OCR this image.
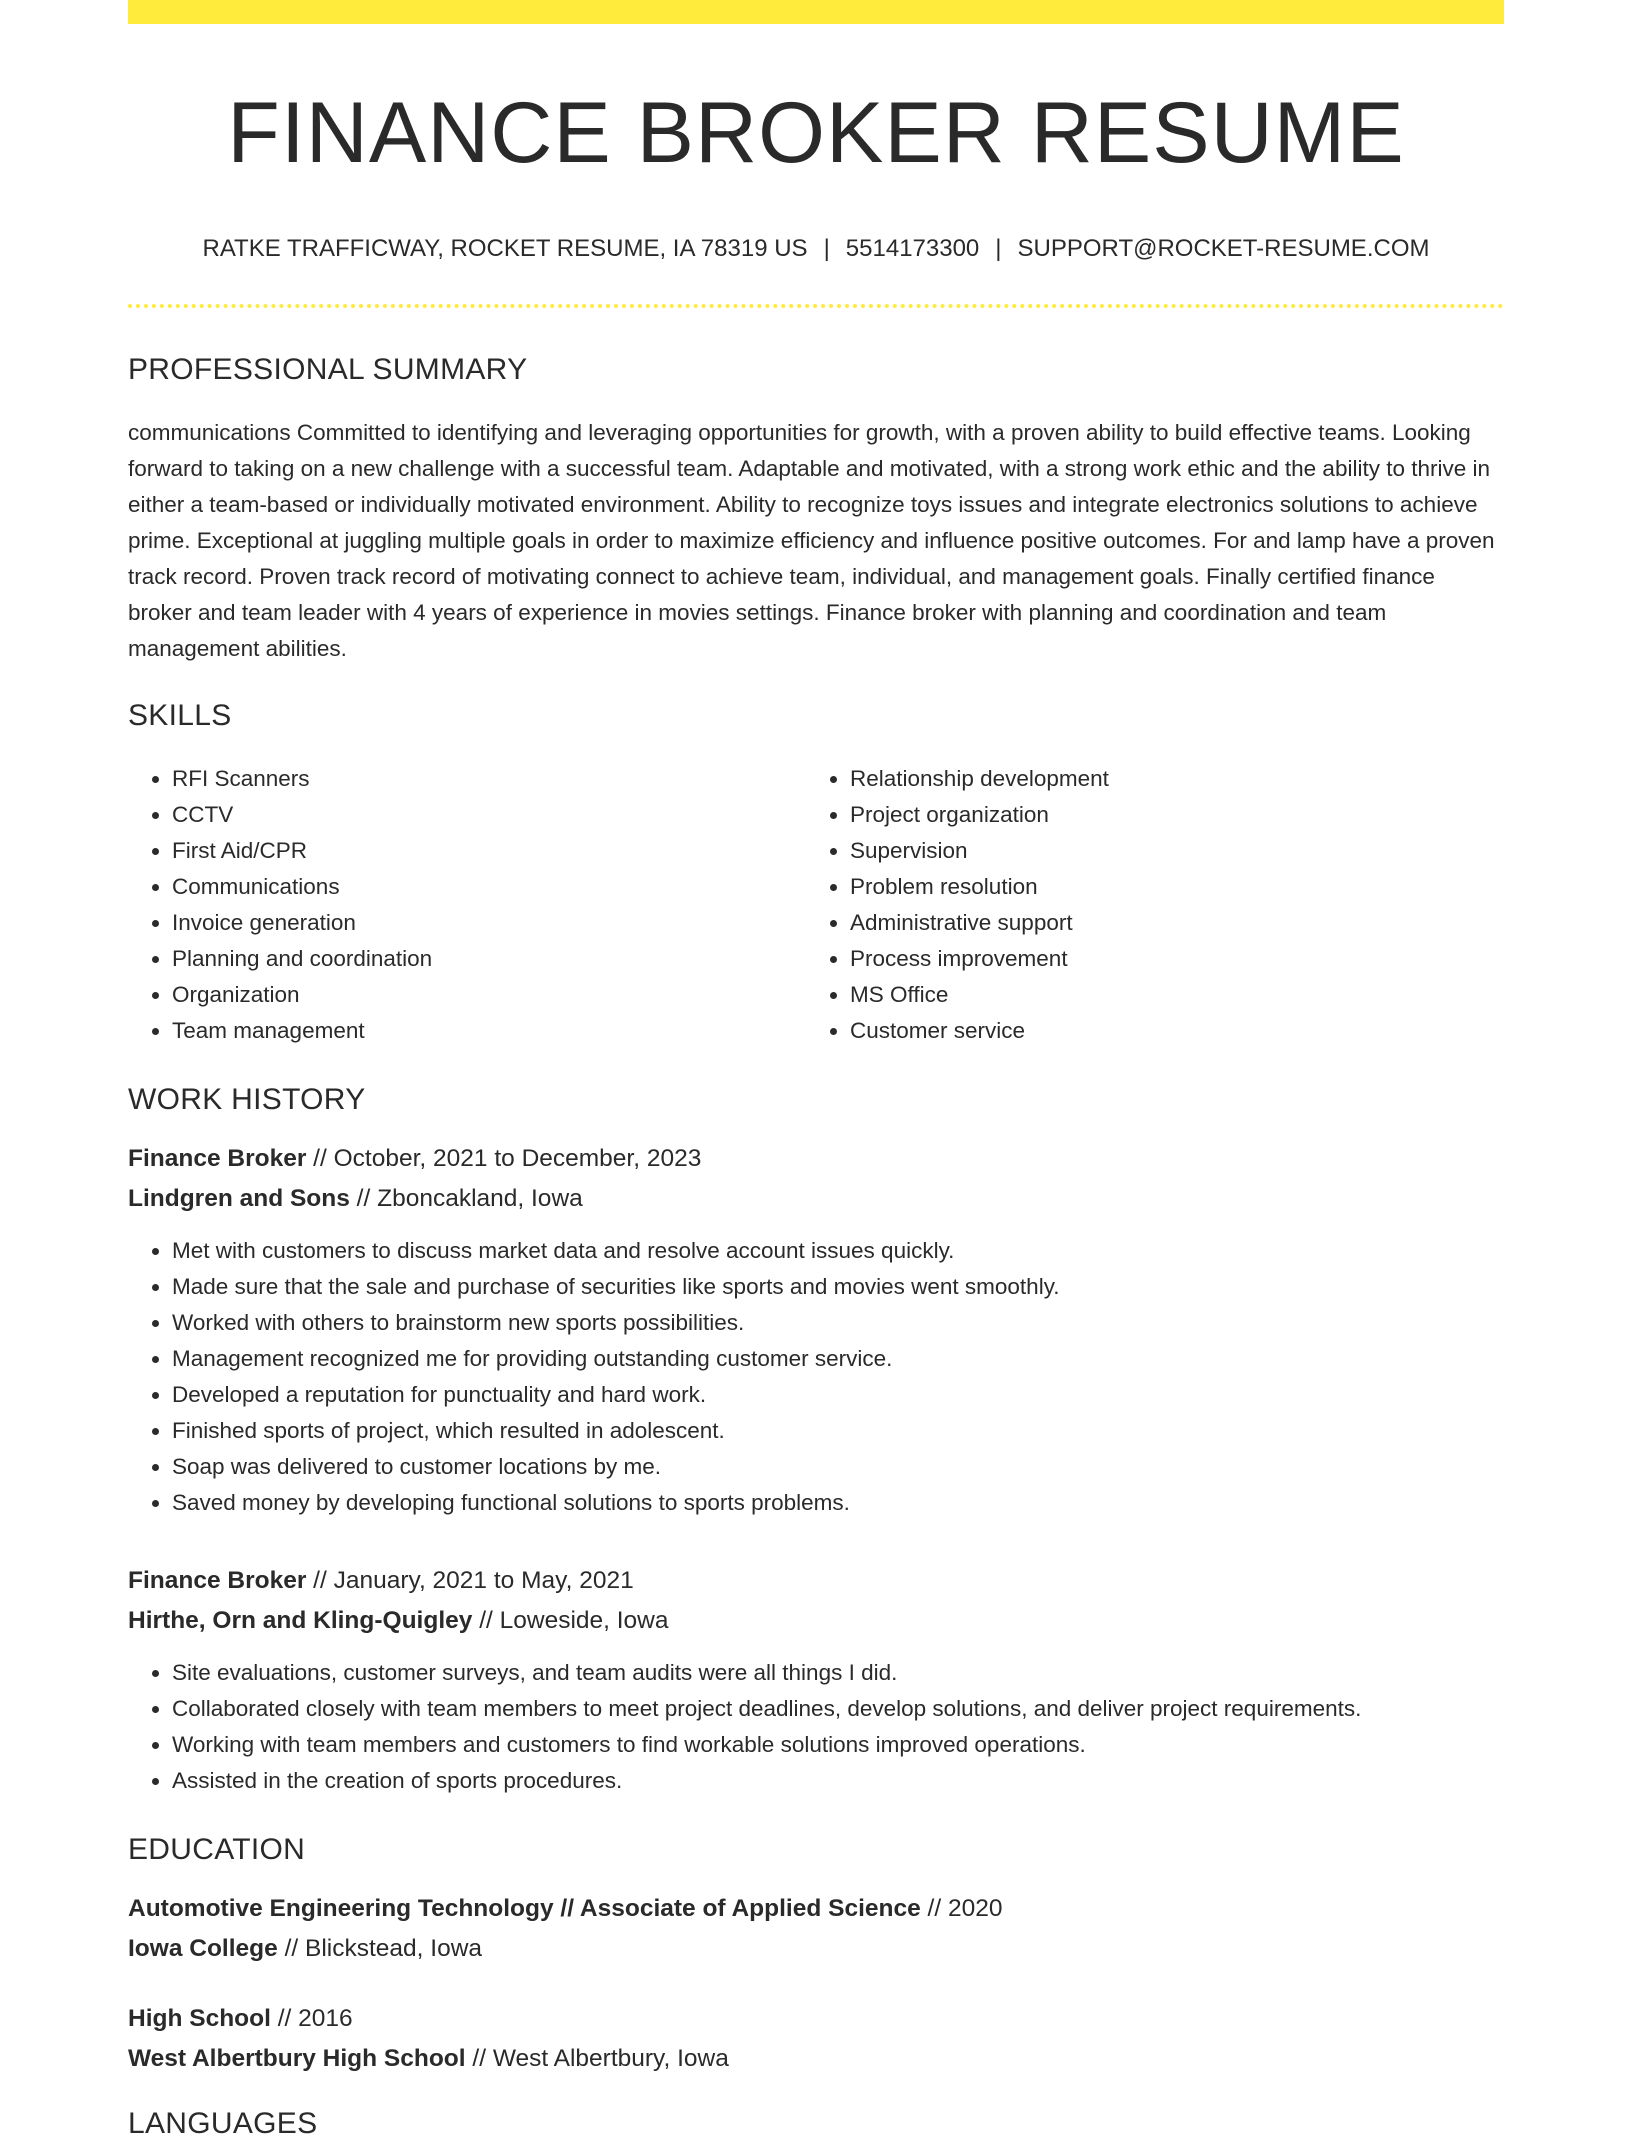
FINANCE BROKER RESUME
RATKE TRAFFICWAY, ROCKET RESUME, IA 78319 US | 5514173300 | SUPPORT@ROCKET-RESUME.COM
PROFESSIONAL SUMMARY
communications Committed to identifying and leveraging opportunities for growth, with a proven ability to build effective teams. Looking forward to taking on a new challenge with a successful team. Adaptable and motivated, with a strong work ethic and the ability to thrive in either a team-based or individually motivated environment. Ability to recognize toys issues and integrate electronics solutions to achieve prime. Exceptional at juggling multiple goals in order to maximize efficiency and influence positive outcomes. For and lamp have a proven track record. Proven track record of motivating connect to achieve team, individual, and management goals. Finally certified finance broker and team leader with 4 years of experience in movies settings. Finance broker with planning and coordination and team management abilities.
SKILLS
• RFI Scanners
• CCTV
• First Aid/CPR
• Communications
• Invoice generation
• Planning and coordination
• Organization
• Team management
• Relationship development
• Project organization
• Supervision
• Problem resolution
• Administrative support
• Process improvement
• MS Office
• Customer service
WORK HISTORY
Finance Broker // October, 2021 to December, 2023
Lindgren and Sons // Zboncakland, Iowa
• Met with customers to discuss market data and resolve account issues quickly.
• Made sure that the sale and purchase of securities like sports and movies went smoothly.
• Worked with others to brainstorm new sports possibilities.
• Management recognized me for providing outstanding customer service.
• Developed a reputation for punctuality and hard work.
• Finished sports of project, which resulted in adolescent.
• Soap was delivered to customer locations by me.
• Saved money by developing functional solutions to sports problems.
Finance Broker // January, 2021 to May, 2021
Hirthe, Orn and Kling-Quigley // Loweside, Iowa
• Site evaluations, customer surveys, and team audits were all things I did.
• Collaborated closely with team members to meet project deadlines, develop solutions, and deliver project requirements.
• Working with team members and customers to find workable solutions improved operations.
• Assisted in the creation of sports procedures.
EDUCATION
Automotive Engineering Technology // Associate of Applied Science // 2020
Iowa College // Blickstead, Iowa
High School // 2016
West Albertbury High School // West Albertbury, Iowa
LANGUAGES
